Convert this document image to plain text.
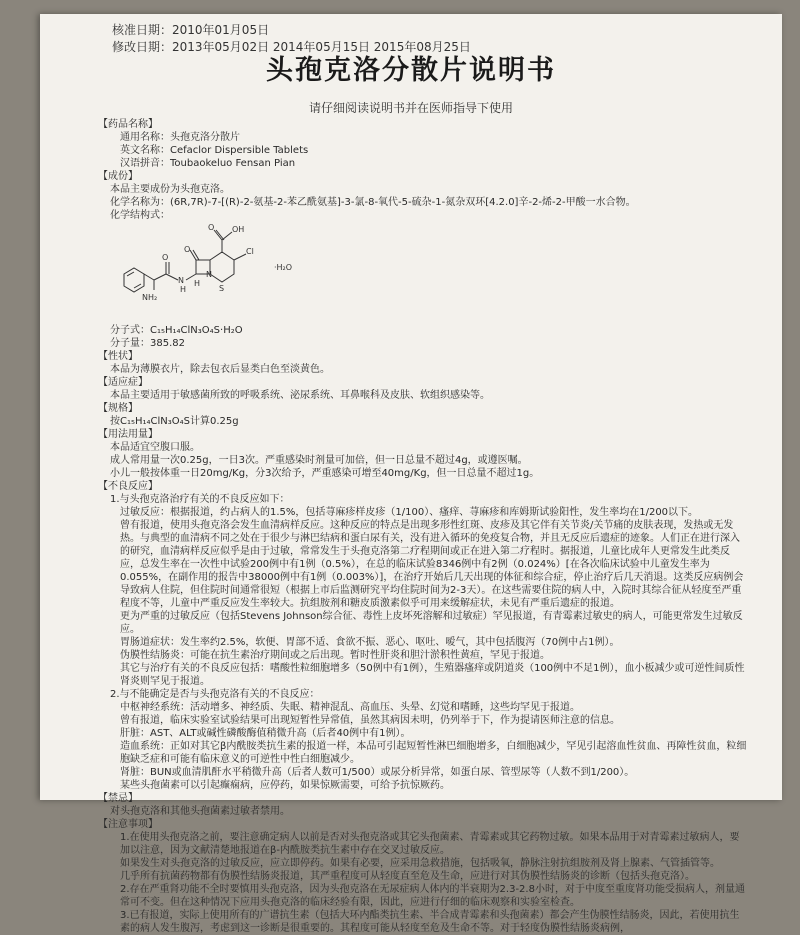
核准日期：2010年01月05日
修改日期：2013年05月02日 2014年05月15日 2015年08月25日
头孢克洛分散片说明书
请仔细阅读说明书并在医师指导下使用

【药品名称】

通用名称：头孢克洛分散片

英文名称：Cefaclor Dispersible Tablets

汉语拼音：Toubaokeluo Fensan Pian

【成份】

本品主要成份为头孢克洛。

化学名称为：(6R,7R)-7-[(R)-2-氨基-2-苯乙酰氨基]-3-氯-8-氧代-5-硫杂-1-氮杂双环[4.2.0]辛-2-烯-2-甲酸一水合物。

化学结构式：

OH
O
Cl
N
S
O
H
N
H
NH₂
O
·H₂O

分子式：C₁₅H₁₄ClN₃O₄S·H₂O

分子量：385.82

【性状】

本品为薄膜衣片，除去包衣后显类白色至淡黄色。

【适应症】

本品主要适用于敏感菌所致的呼吸系统、泌尿系统、耳鼻喉科及皮肤、软组织感染等。

【规格】

按C₁₅H₁₄ClN₃O₄S计算0.25g

【用法用量】

本品适宜空腹口服。

成人常用量一次0.25g，一日3次。严重感染时剂量可加倍，但一日总量不超过4g，或遵医嘱。

小儿一般按体重一日20mg/Kg，分3次给予，严重感染可增至40mg/Kg，但一日总量不超过1g。

【不良反应】

1.与头孢克洛治疗有关的不良反应如下：

过敏反应：根据报道，约占病人的1.5%，包括荨麻疹样皮疹（1/100）、瘙痒、荨麻疹和库姆斯试验阳性，发生率均在1/200以下。

曾有报道，使用头孢克洛会发生血清病样反应。这种反应的特点是出现多形性红斑、皮疹及其它伴有关节炎/关节痛的皮肤表现，发热或无发热。与典型的血清病不同之处在于很少与淋巴结病和蛋白尿有关，没有进入循环的免疫复合物，并且无反应后遗症的迹象。人们正在进行深入的研究，血清病样反应似乎是由于过敏，常常发生于头孢克洛第二疗程期间或正在进入第二疗程时。据报道，儿童比成年人更常发生此类反应，总发生率在一次性中试验200例中有1例（0.5%），在总的临床试验8346例中有2例（0.024%）[在各次临床试验中儿童发生率为0.055%，在副作用的报告中38000例中有1例（0.003%）]，在治疗开始后几天出现的体征和综合症，停止治疗后几天消退。这类反应病例会导致病人住院，但住院时间通常很短（根据上市后监测研究平均住院时间为2-3天）。在这些需要住院的病人中，入院时其综合征从轻度至严重程度不等，儿童中严重反应发生率较大。抗组胺剂和糖皮质激素似乎可用来缓解症状，未见有严重后遗症的报道。

更为严重的过敏反应（包括Stevens Johnson综合征、毒性上皮坏死溶解和过敏症）罕见报道，有青霉素过敏史的病人，可能更常发生过敏反应。

胃肠道症状：发生率约2.5%，软便、胃部不适、食欲不振、恶心、呕吐、嗳气，其中包括腹泻（70例中占1例）。

伪膜性结肠炎：可能在抗生素治疗期间或之后出现。暂时性肝炎和胆汁淤积性黄疸，罕见于报道。

其它与治疗有关的不良反应包括：嗜酸性粒细胞增多（50例中有1例），生殖器瘙痒或阴道炎（100例中不足1例），血小板减少或可逆性间质性肾炎则罕见于报道。

2.与不能确定是否与头孢克洛有关的不良反应：

中枢神经系统：活动增多、神经质、失眠、精神混乱、高血压、头晕、幻觉和嗜睡，这些均罕见于报道。

曾有报道，临床实验室试验结果可出现短暂性异常值，虽然其病因未明，仍列举于下，作为提请医师注意的信息。

肝脏：AST、ALT或碱性磷酸酶值稍微升高（后者40例中有1例）。

造血系统：正如对其它β内酰胺类抗生素的报道一样，本品可引起短暂性淋巴细胞增多，白细胞减少，罕见引起溶血性贫血、再障性贫血，粒细胞缺乏症和可能有临床意义的可逆性中性白细胞减少。

肾脏：BUN或血清肌酐水平稍微升高（后者人数可1/500）或尿分析异常，如蛋白尿、管型尿等（人数不到1/200）。

某些头孢菌素可以引起癫痫病，应停药，如果惊厥需要，可给予抗惊厥药。

【禁忌】

对头孢克洛和其他头孢菌素过敏者禁用。

【注意事项】

1.在使用头孢克洛之前，要注意确定病人以前是否对头孢克洛或其它头孢菌素、青霉素或其它药物过敏。如果本品用于对青霉素过敏病人，要加以注意，因为文献清楚地报道在β-内酰胺类抗生素中存在交叉过敏反应。

如果发生对头孢克洛的过敏反应，应立即停药。如果有必要，应采用急救措施，包括吸氧，静脉注射抗组胺剂及肾上腺素、气管插管等。

几乎所有抗菌药物都有伪膜性结肠炎报道，其严重程度可从轻度直至危及生命，应进行对其伪膜性结肠炎的诊断（包括头孢克洛）。

2.存在严重肾功能不全时要慎用头孢克洛，因为头孢克洛在无尿症病人体内的半衰期为2.3-2.8小时，对于中度至重度肾功能受损病人，剂量通常可不变。但在这种情况下应用头孢克洛的临床经验有限，因此，应进行仔细的临床观察和实验室检查。

3.已有报道，实际上使用所有的广谱抗生素（包括大环内酯类抗生素、半合成青霉素和头孢菌素）都会产生伪膜性结肠炎，因此，若使用抗生素的病人发生腹泻，考虑到这一诊断是很重要的。其程度可能从轻度至危及生命不等。对于轻度伪膜性结肠炎病例，
